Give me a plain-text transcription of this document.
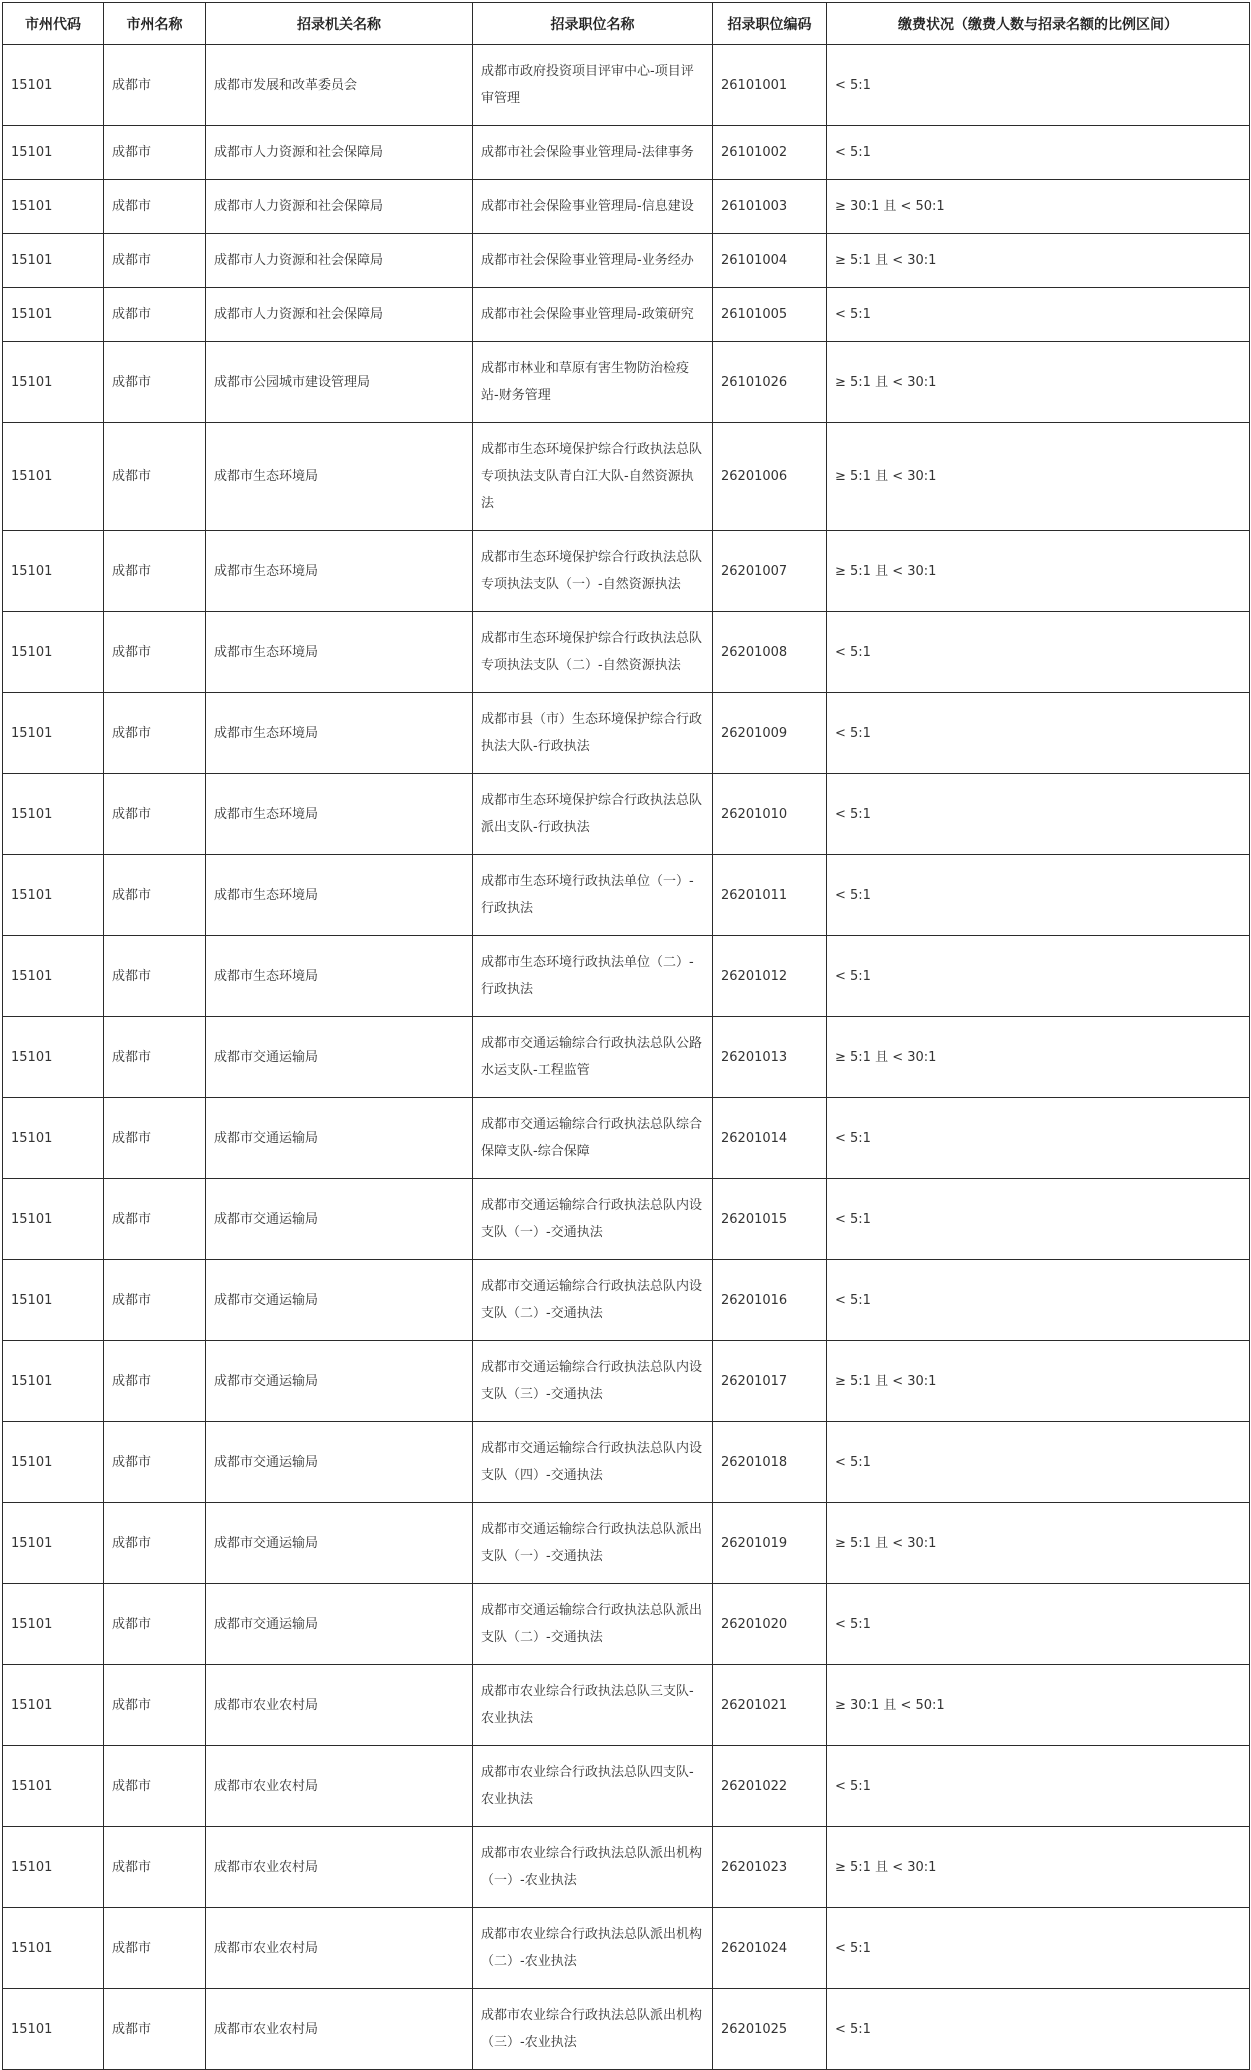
市州代码	市州名称	招录机关名称	招录职位名称	招录职位编码	缴费状况（缴费人数与招录名额的比例区间）
15101	成都市	成都市发展和改革委员会	成都市政府投资项目评审中心-项目评审管理	26101001	< 5:1
15101	成都市	成都市人力资源和社会保障局	成都市社会保险事业管理局-法律事务	26101002	< 5:1
15101	成都市	成都市人力资源和社会保障局	成都市社会保险事业管理局-信息建设	26101003	≥ 30:1 且 < 50:1
15101	成都市	成都市人力资源和社会保障局	成都市社会保险事业管理局-业务经办	26101004	≥ 5:1 且 < 30:1
15101	成都市	成都市人力资源和社会保障局	成都市社会保险事业管理局-政策研究	26101005	< 5:1
15101	成都市	成都市公园城市建设管理局	成都市林业和草原有害生物防治检疫站-财务管理	26101026	≥ 5:1 且 < 30:1
15101	成都市	成都市生态环境局	成都市生态环境保护综合行政执法总队专项执法支队青白江大队-自然资源执法	26201006	≥ 5:1 且 < 30:1
15101	成都市	成都市生态环境局	成都市生态环境保护综合行政执法总队专项执法支队（一）-自然资源执法	26201007	≥ 5:1 且 < 30:1
15101	成都市	成都市生态环境局	成都市生态环境保护综合行政执法总队专项执法支队（二）-自然资源执法	26201008	< 5:1
15101	成都市	成都市生态环境局	成都市县（市）生态环境保护综合行政执法大队-行政执法	26201009	< 5:1
15101	成都市	成都市生态环境局	成都市生态环境保护综合行政执法总队派出支队-行政执法	26201010	< 5:1
15101	成都市	成都市生态环境局	成都市生态环境行政执法单位（一）-行政执法	26201011	< 5:1
15101	成都市	成都市生态环境局	成都市生态环境行政执法单位（二）-行政执法	26201012	< 5:1
15101	成都市	成都市交通运输局	成都市交通运输综合行政执法总队公路水运支队-工程监管	26201013	≥ 5:1 且 < 30:1
15101	成都市	成都市交通运输局	成都市交通运输综合行政执法总队综合保障支队-综合保障	26201014	< 5:1
15101	成都市	成都市交通运输局	成都市交通运输综合行政执法总队内设支队（一）-交通执法	26201015	< 5:1
15101	成都市	成都市交通运输局	成都市交通运输综合行政执法总队内设支队（二）-交通执法	26201016	< 5:1
15101	成都市	成都市交通运输局	成都市交通运输综合行政执法总队内设支队（三）-交通执法	26201017	≥ 5:1 且 < 30:1
15101	成都市	成都市交通运输局	成都市交通运输综合行政执法总队内设支队（四）-交通执法	26201018	< 5:1
15101	成都市	成都市交通运输局	成都市交通运输综合行政执法总队派出支队（一）-交通执法	26201019	≥ 5:1 且 < 30:1
15101	成都市	成都市交通运输局	成都市交通运输综合行政执法总队派出支队（二）-交通执法	26201020	< 5:1
15101	成都市	成都市农业农村局	成都市农业综合行政执法总队三支队-农业执法	26201021	≥ 30:1 且 < 50:1
15101	成都市	成都市农业农村局	成都市农业综合行政执法总队四支队-农业执法	26201022	< 5:1
15101	成都市	成都市农业农村局	成都市农业综合行政执法总队派出机构（一）-农业执法	26201023	≥ 5:1 且 < 30:1
15101	成都市	成都市农业农村局	成都市农业综合行政执法总队派出机构（二）-农业执法	26201024	< 5:1
15101	成都市	成都市农业农村局	成都市农业综合行政执法总队派出机构（三）-农业执法	26201025	< 5:1
